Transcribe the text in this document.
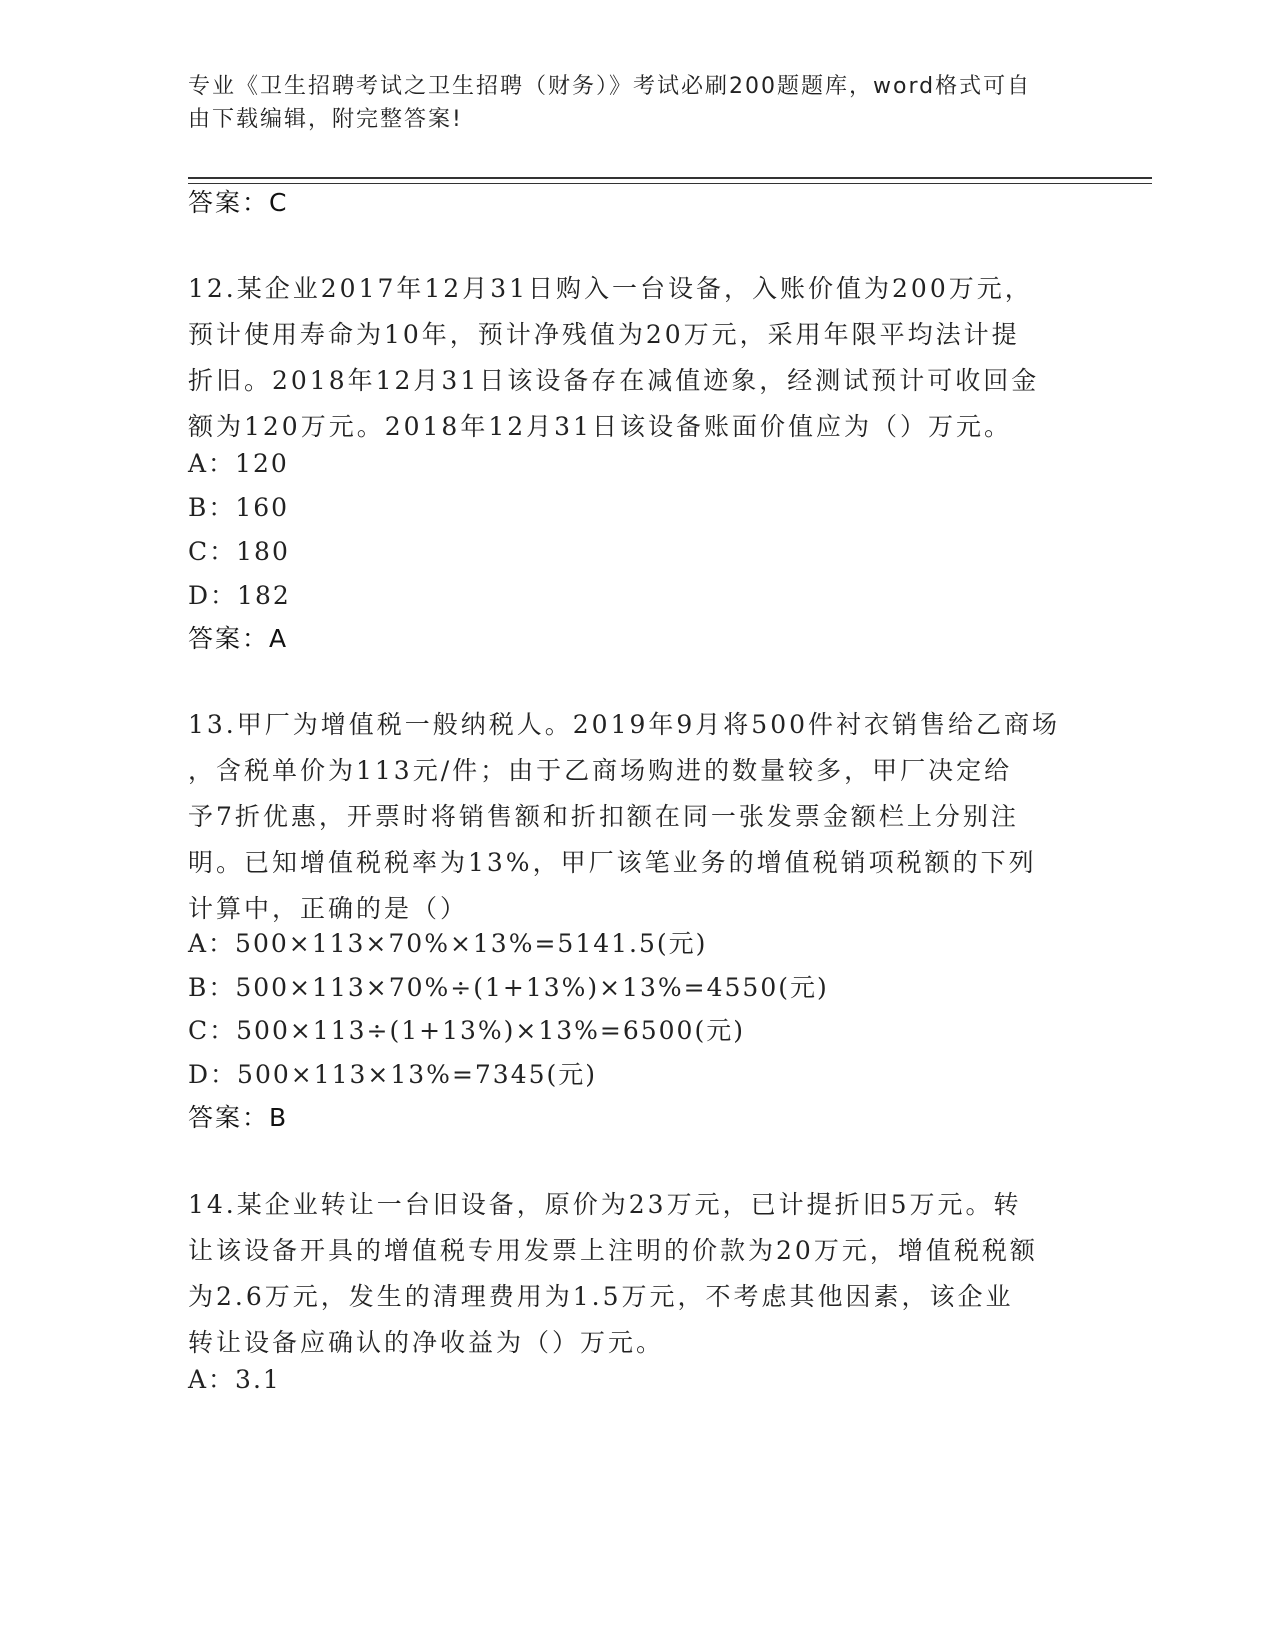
专业《卫生招聘考试之卫生招聘（财务）》考试必刷200题题库，word格式可自
由下载编辑，附完整答案!
答案：C
12.某企业2017年12月31日购入一台设备，入账价值为200万元，
预计使用寿命为10年，预计净残值为20万元，采用年限平均法计提
折旧。2018年12月31日该设备存在减值迹象，经测试预计可收回金
额为120万元。2018年12月31日该设备账面价值应为（）万元。
A：120
B：160
C：180
D：182
答案：A
13.甲厂为增值税一般纳税人。2019年9月将500件衬衣销售给乙商场
，含税单价为113元/件；由于乙商场购进的数量较多，甲厂决定给
予7折优惠，开票时将销售额和折扣额在同一张发票金额栏上分别注
明。已知增值税税率为13%，甲厂该笔业务的增值税销项税额的下列
计算中，正确的是（）
A：500×113×70%×13%=5141.5(元)
B：500×113×70%÷(1+13%)×13%=4550(元)
C：500×113÷(1+13%)×13%=6500(元)
D：500×113×13%=7345(元)
答案：B
14.某企业转让一台旧设备，原价为23万元，已计提折旧5万元。转
让该设备开具的增值税专用发票上注明的价款为20万元，增值税税额
为2.6万元，发生的清理费用为1.5万元，不考虑其他因素，该企业
转让设备应确认的净收益为（）万元。
A：3.1
